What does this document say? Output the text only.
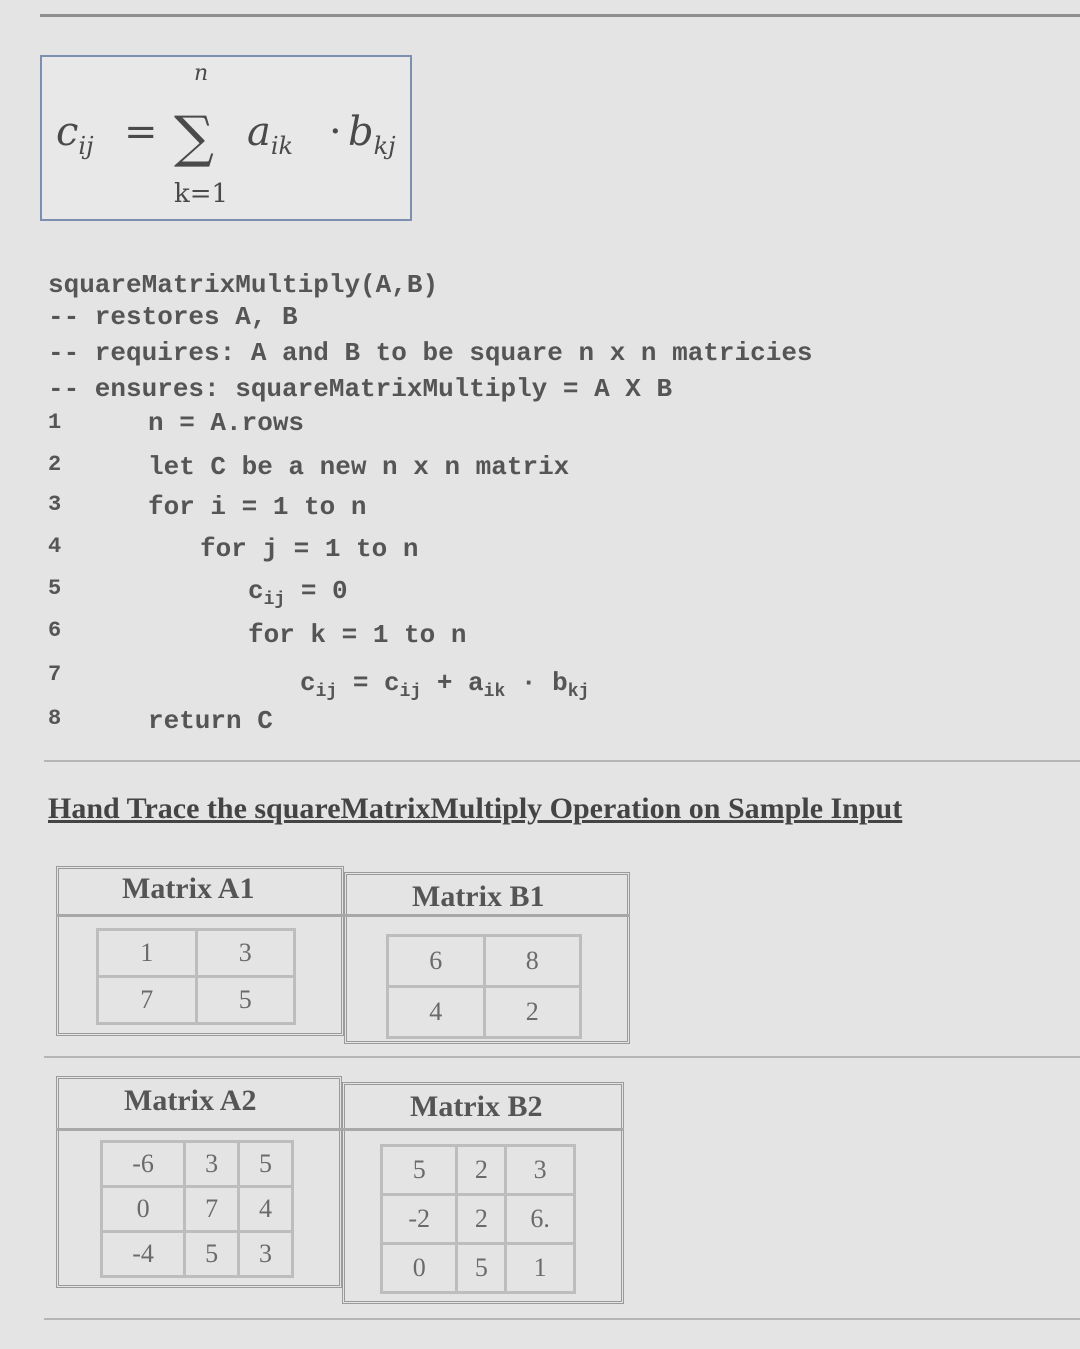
$c_{ij}$ =
n
∑
k=1
$a_{ik} \cdot b_{kj}$
squareMatrixMultiply(A,B)
-- restores A, B
-- requires: A and B to be square n x n matricies
-- ensures: squareMatrixMultiply = A X B
1	n = A.rows
2	let C be a new n x n matrix
3	for i = 1 to n
4	for j = 1 to n
5	$c_{ij} = 0$
6	for k = 1 to n
7	$c_{ij} = c_{ij} + a_{ik} \cdot b_{kj}$
8	return C
Hand Trace the squareMatrixMultiply Operation on Sample Input
Matrix A1	Matrix B1
1	3
7	5
6	8
4	2
Matrix A2	Matrix B2
-6	3	5
0	7	4
-4	5	3
5	2	3
-2	2	6.
0	5	1
